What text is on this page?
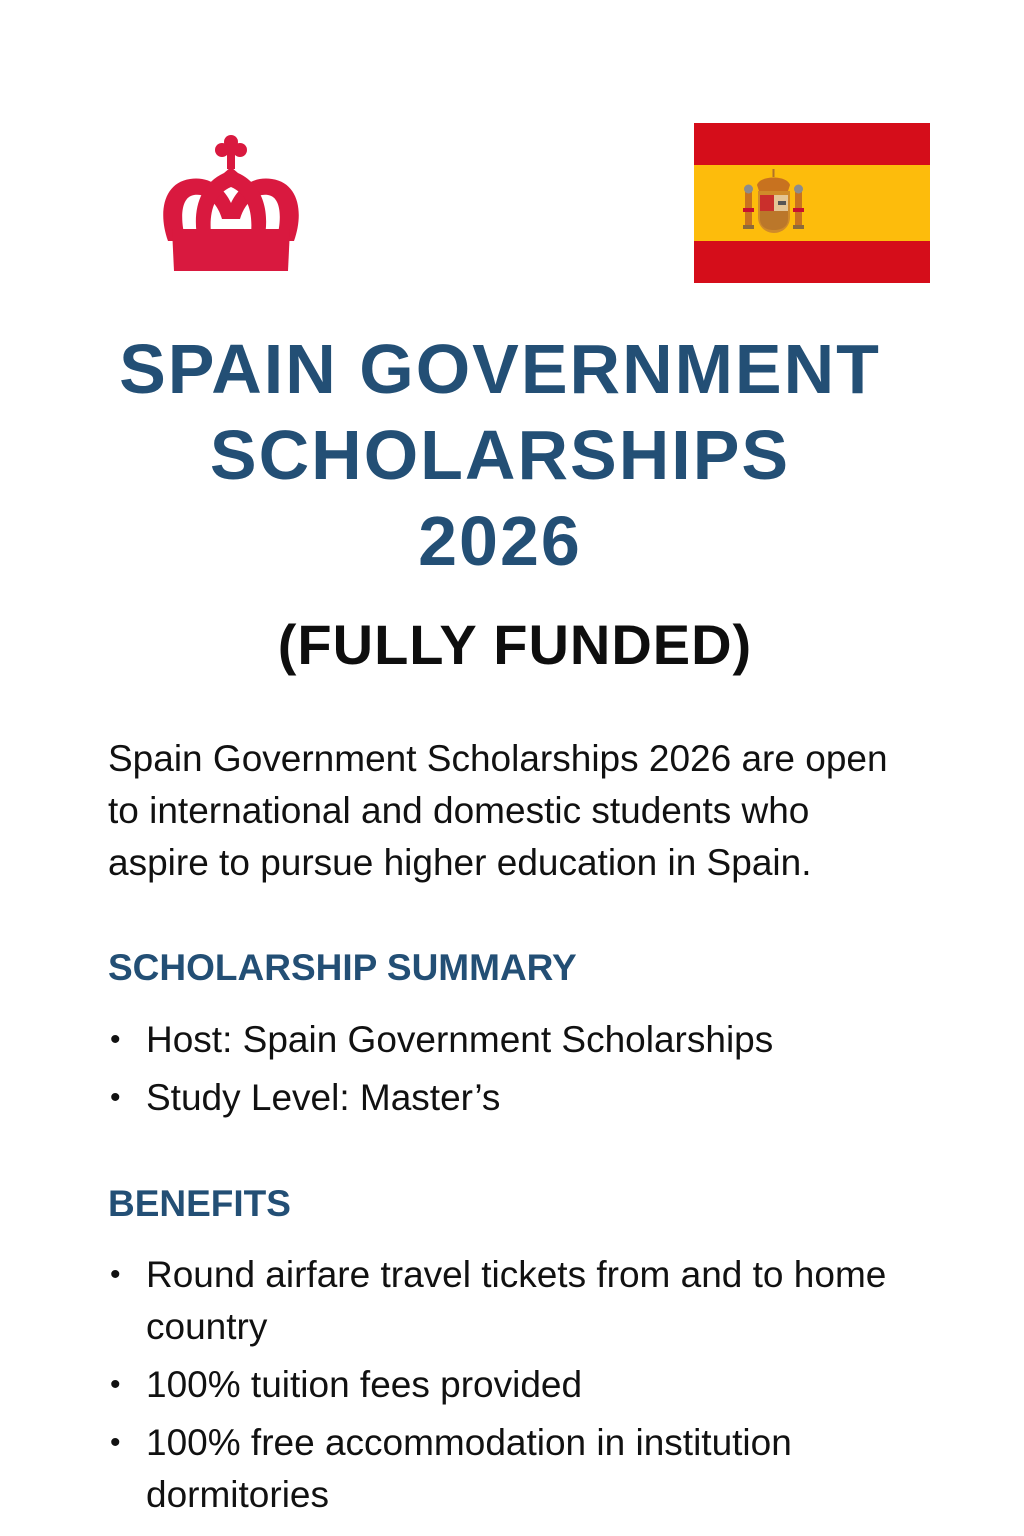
SPAIN GOVERNMENT
SCHOLARSHIPS
2026
(FULLY FUNDED)
Spain Government Scholarships 2026 are open
to international and domestic students who
aspire to pursue higher education in Spain.
SCHOLARSHIP SUMMARY
• Host: Spain Government Scholarships
• Study Level: Master’s
BENEFITS
• Round airfare travel tickets from and to home
country
• 100% tuition fees provided
• 100% free accommodation in institution
dormitories
